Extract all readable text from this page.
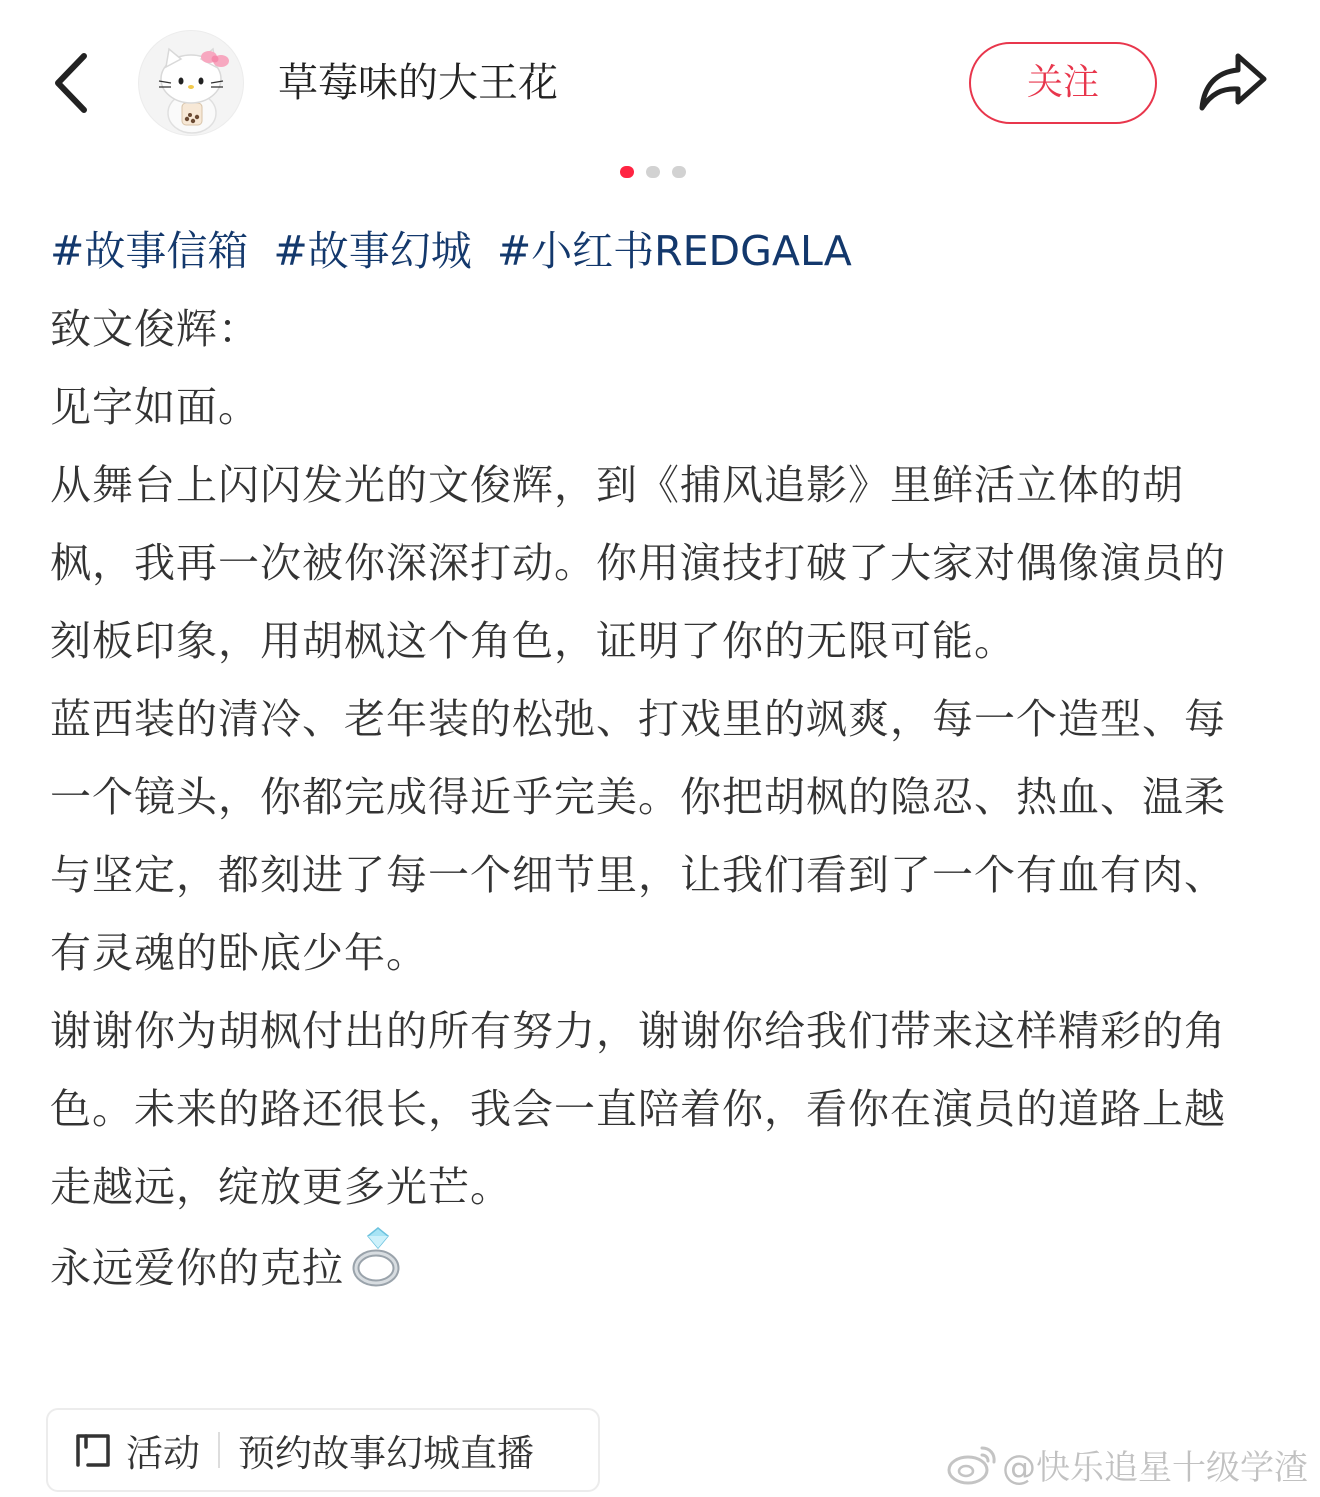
草莓味的大王花	关注
#故事信箱 #故事幻城 #小红书REDGALA
致文俊辉：
见字如面。
从舞台上闪闪发光的文俊辉，到《捕风追影》里鲜活立体的胡枫，我再一次被你深深打动。你用演技打破了大家对偶像演员的刻板印象，用胡枫这个角色，证明了你的无限可能。
蓝西装的清冷、老年装的松弛、打戏里的飒爽，每一个造型、每一个镜头，你都完成得近乎完美。你把胡枫的隐忍、热血、温柔与坚定，都刻进了每一个细节里，让我们看到了一个有血有肉、有灵魂的卧底少年。
谢谢你为胡枫付出的所有努力，谢谢你给我们带来这样精彩的角色。未来的路还很长，我会一直陪着你，看你在演员的道路上越走越远，绽放更多光芒。
永远爱你的克拉
活动 预约故事幻城直播	@快乐追星十级学渣
